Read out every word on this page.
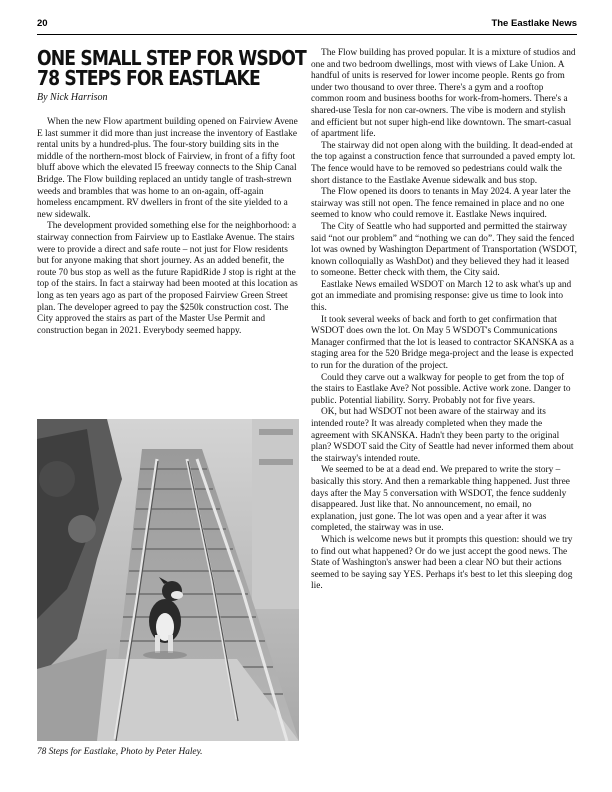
20	The Eastlake News
ONE SMALL STEP FOR WSDOT
78 STEPS FOR EASTLAKE
By Nick Harrison

When the new Flow apartment building opened on Fairview Avene E last summer it did more than just increase the inventory of Eastlake rental units by a hundred-plus. The four-story building sits in the middle of the northern-most block of Fairview, in front of a fifty foot bluff above which the elevated I5 freeway connects to the Ship Canal Bridge. The Flow building replaced an untidy tangle of trash-strewn weeds and brambles that was home to an on-again, off-again homeless encampment. RV dwellers in front of the site yielded to a new sidewalk.

The development provided something else for the neighborhood: a stairway connection from Fairview up to Eastlake Avenue. The stairs were to provide a direct and safe route – not just for Flow residents but for anyone making that short journey. As an added benefit, the route 70 bus stop as well as the future RapidRide J stop is right at the top of the stairs. In fact a stairway had been mooted at this location as long as ten years ago as part of the proposed Fairview Green Street plan. The developer agreed to pay the $250k construction cost. The City approved the stairs as part of the Master Use Permit and construction began in 2021. Everybody seemed happy.

78 Steps for Eastlake, Photo by Peter Haley.

The Flow building has proved popular. It is a mixture of studios and one and two bedroom dwellings, most with views of Lake Union. A handful of units is reserved for lower income people. Rents go from under two thousand to over three. There's a gym and a rooftop common room and business booths for work-from-homers. There's a shared-use Tesla for non car-owners. The vibe is modern and stylish and efficient but not super high-end like downtown. The smart-casual of apartment life.

The stairway did not open along with the building. It dead-ended at the top against a construction fence that surrounded a paved empty lot. The fence would have to be removed so pedestrians could walk the short distance to the Eastlake Avenue sidewalk and bus stop.

The Flow opened its doors to tenants in May 2024. A year later the stairway was still not open. The fence remained in place and no one seemed to know who could remove it. Eastlake News inquired.

The City of Seattle who had supported and permitted the stairway said “not our problem” and “nothing we can do”. They said the fenced lot was owned by Washington Department of Transportation (WSDOT, known colloquially as WashDot) and they believed they had it leased to someone. Better check with them, the City said.

Eastlake News emailed WSDOT on March 12 to ask what's up and got an immediate and promising response: give us time to look into this.

It took several weeks of back and forth to get confirmation that WSDOT does own the lot. On May 5 WSDOT's Communications Manager confirmed that the lot is leased to contractor SKANSKA as a staging area for the 520 Bridge mega-project and the lease is expected to run for the duration of the project.

Could they carve out a walkway for people to get from the top of the stairs to Eastlake Ave? Not possible. Active work zone. Danger to public. Potential liability. Sorry. Probably not for five years.

OK, but had WSDOT not been aware of the stairway and its intended route? It was already completed when they made the agreement with SKANSKA. Hadn't they been party to the original plan? WSDOT said the City of Seattle had never informed them about the stairway's intended route.

We seemed to be at a dead end. We prepared to write the story – basically this story. And then a remarkable thing happened. Just three days after the May 5 conversation with WSDOT, the fence suddenly disappeared. Just like that. No announcement, no email, no explanation, just gone. The lot was open and a year after it was completed, the stairway was in use.

Which is welcome news but it prompts this question: should we try to find out what happened? Or do we just accept the good news. The State of Washington's answer had been a clear NO but their actions seemed to be saying say YES. Perhaps it's best to let this sleeping dog lie.
